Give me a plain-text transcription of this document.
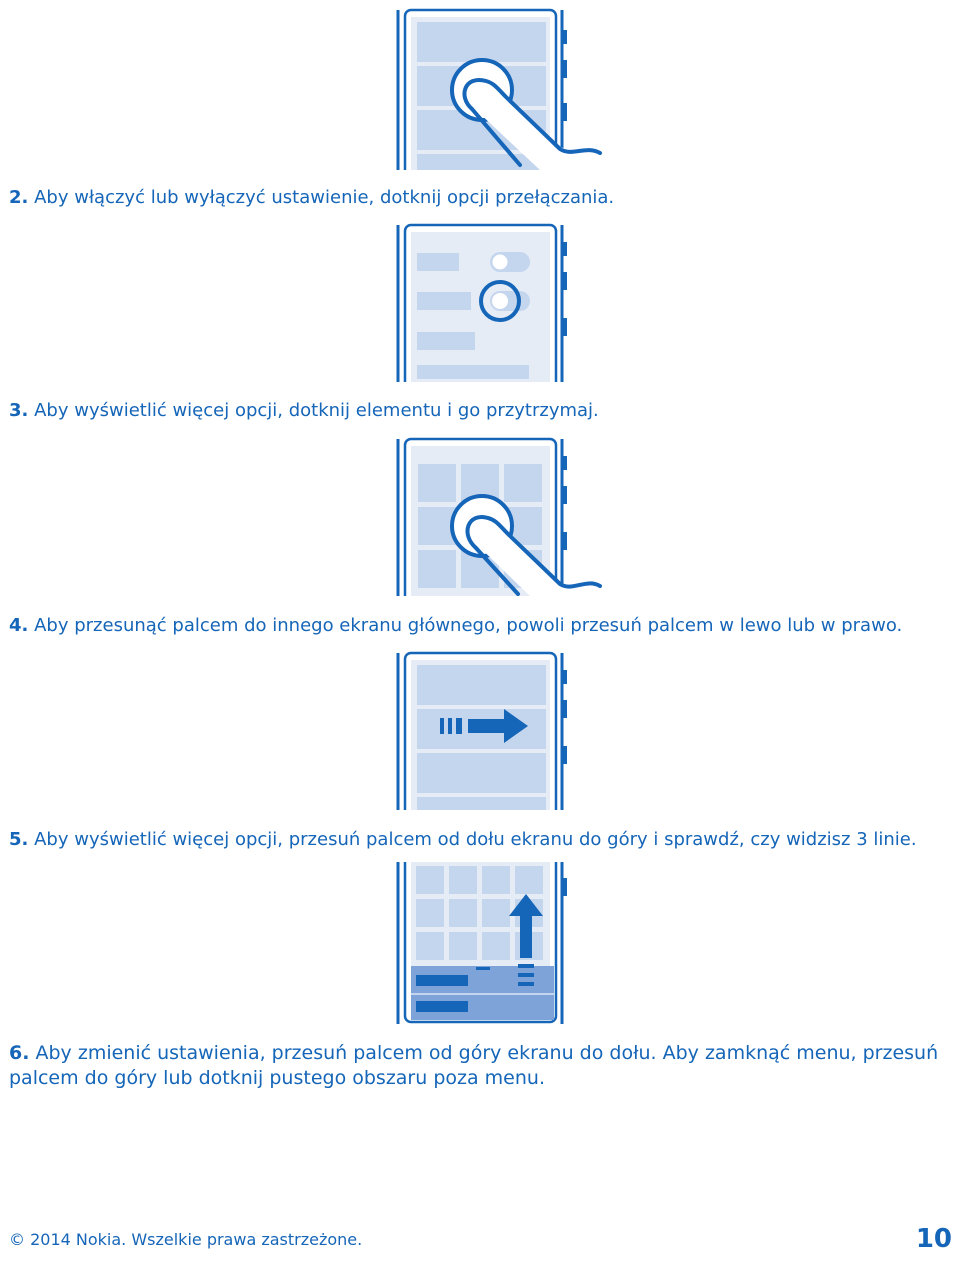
2. Aby włączyć lub wyłączyć ustawienie, dotknij opcji przełączania.

3. Aby wyświetlić więcej opcji, dotknij elementu i go przytrzymaj.

4. Aby przesunąć palcem do innego ekranu głównego, powoli przesuń palcem w lewo lub w prawo.

5. Aby wyświetlić więcej opcji, przesuń palcem od dołu ekranu do góry i sprawdź, czy widzisz 3 linie.

6. Aby zmienić ustawienia, przesuń palcem od góry ekranu do dołu. Aby zamknąć menu, przesuń palcem do góry lub dotknij pustego obszaru poza menu.

© 2014 Nokia. Wszelkie prawa zastrzeżone.	10
